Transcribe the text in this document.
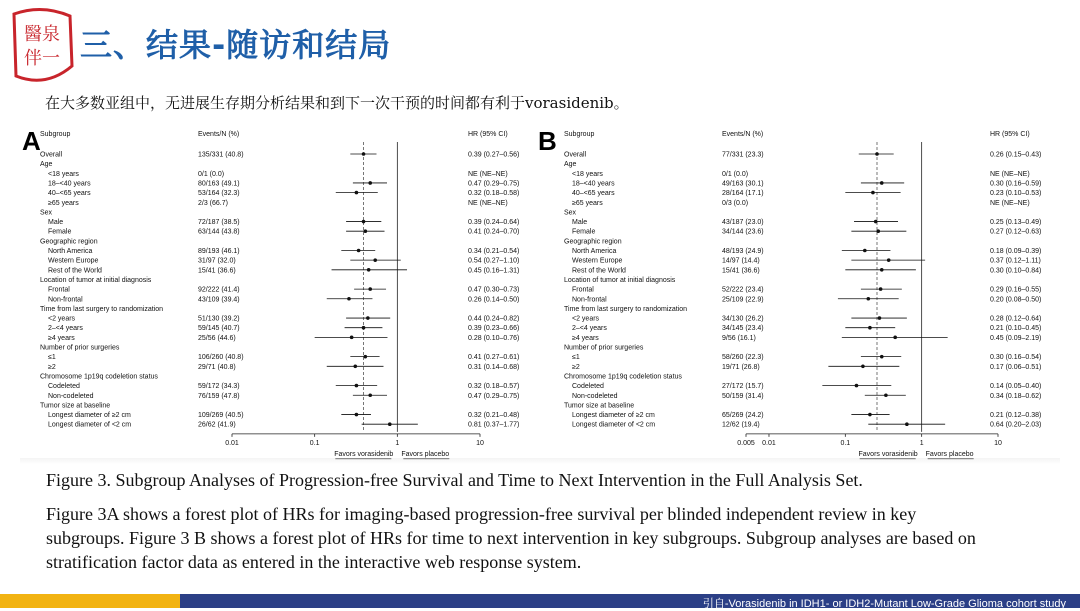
醫泉
伴一 三、结果-随访和结局
在大多数亚组中，无进展生存期分析结果和到下一次干预的时间都有利于vorasidenib。
A Subgroup	Events/N (%)	HR (95% CI)
Overall	135/331 (40.8)	0.39 (0.27–0.56)
Age
<18 years	0/1 (0.0)	NE (NE–NE)
18–<40 years	80/163 (49.1)	0.47 (0.29–0.75)
40–<65 years	53/164 (32.3)	0.32 (0.18–0.58)
≥65 years	2/3 (66.7)	NE (NE–NE)
Sex
Male	72/187 (38.5)	0.39 (0.24–0.64)
Female	63/144 (43.8)	0.41 (0.24–0.70)
Geographic region
North America	89/193 (46.1)	0.34 (0.21–0.54)
Western Europe	31/97 (32.0)	0.54 (0.27–1.10)
Rest of the World	15/41 (36.6)	0.45 (0.16–1.31)
Location of tumor at initial diagnosis
Frontal	92/222 (41.4)	0.47 (0.30–0.73)
Non-frontal	43/109 (39.4)	0.26 (0.14–0.50)
Time from last surgery to randomization
<2 years	51/130 (39.2)	0.44 (0.24–0.82)
2–<4 years	59/145 (40.7)	0.39 (0.23–0.66)
≥4 years	25/56 (44.6)	0.28 (0.10–0.76)
Number of prior surgeries
≤1	106/260 (40.8)	0.41 (0.27–0.61)
≥2	29/71 (40.8)	0.31 (0.14–0.68)
Chromosome 1p19q codeletion status
Codeleted	59/172 (34.3)	0.32 (0.18–0.57)
Non-codeleted	76/159 (47.8)	0.47 (0.29–0.75)
Tumor size at baseline
Longest diameter of ≥2 cm	109/269 (40.5)	0.32 (0.21–0.48)
Longest diameter of <2 cm	26/62 (41.9)	0.81 (0.37–1.77)
0.01	0.1	1	10
Favors vorasidenib Favors placebo
B Subgroup	Events/N (%)	HR (95% CI)
Overall	77/331 (23.3)	0.26 (0.15–0.43)
Age
<18 years	0/1 (0.0)	NE (NE–NE)
18–<40 years	49/163 (30.1)	0.30 (0.16–0.59)
40–<65 years	28/164 (17.1)	0.23 (0.10–0.53)
≥65 years	0/3 (0.0)	NE (NE–NE)
Sex
Male	43/187 (23.0)	0.25 (0.13–0.49)
Female	34/144 (23.6)	0.27 (0.12–0.63)
Geographic region
North America	48/193 (24.9)	0.18 (0.09–0.39)
Western Europe	14/97 (14.4)	0.37 (0.12–1.11)
Rest of the World	15/41 (36.6)	0.30 (0.10–0.84)
Location of tumor at initial diagnosis
Frontal	52/222 (23.4)	0.29 (0.16–0.55)
Non-frontal	25/109 (22.9)	0.20 (0.08–0.50)
Time from last surgery to randomization
<2 years	34/130 (26.2)	0.28 (0.12–0.64)
2–<4 years	34/145 (23.4)	0.21 (0.10–0.45)
≥4 years	9/56 (16.1)	0.45 (0.09–2.19)
Number of prior surgeries
≤1	58/260 (22.3)	0.30 (0.16–0.54)
≥2	19/71 (26.8)	0.17 (0.06–0.51)
Chromosome 1p19q codeletion status
Codeleted	27/172 (15.7)	0.14 (0.05–0.40)
Non-codeleted	50/159 (31.4)	0.34 (0.18–0.62)
Tumor size at baseline
Longest diameter of ≥2 cm	65/269 (24.2)	0.21 (0.12–0.38)
Longest diameter of <2 cm	12/62 (19.4)	0.64 (0.20–2.03)
0.005 0.01	0.1	1	10
Favors vorasidenib Favors placebo
Figure 3. Subgroup Analyses of Progression-free Survival and Time to Next Intervention in the Full Analysis Set.
Figure 3A shows a forest plot of HRs for imaging-based progression-free survival per blinded independent review in key
subgroups. Figure 3 B shows a forest plot of HRs for time to next intervention in key subgroups. Subgroup analyses are based on
stratification factor data as entered in the interactive web response system.
引自-Vorasidenib in IDH1- or IDH2-Mutant Low-Grade Glioma cohort study
